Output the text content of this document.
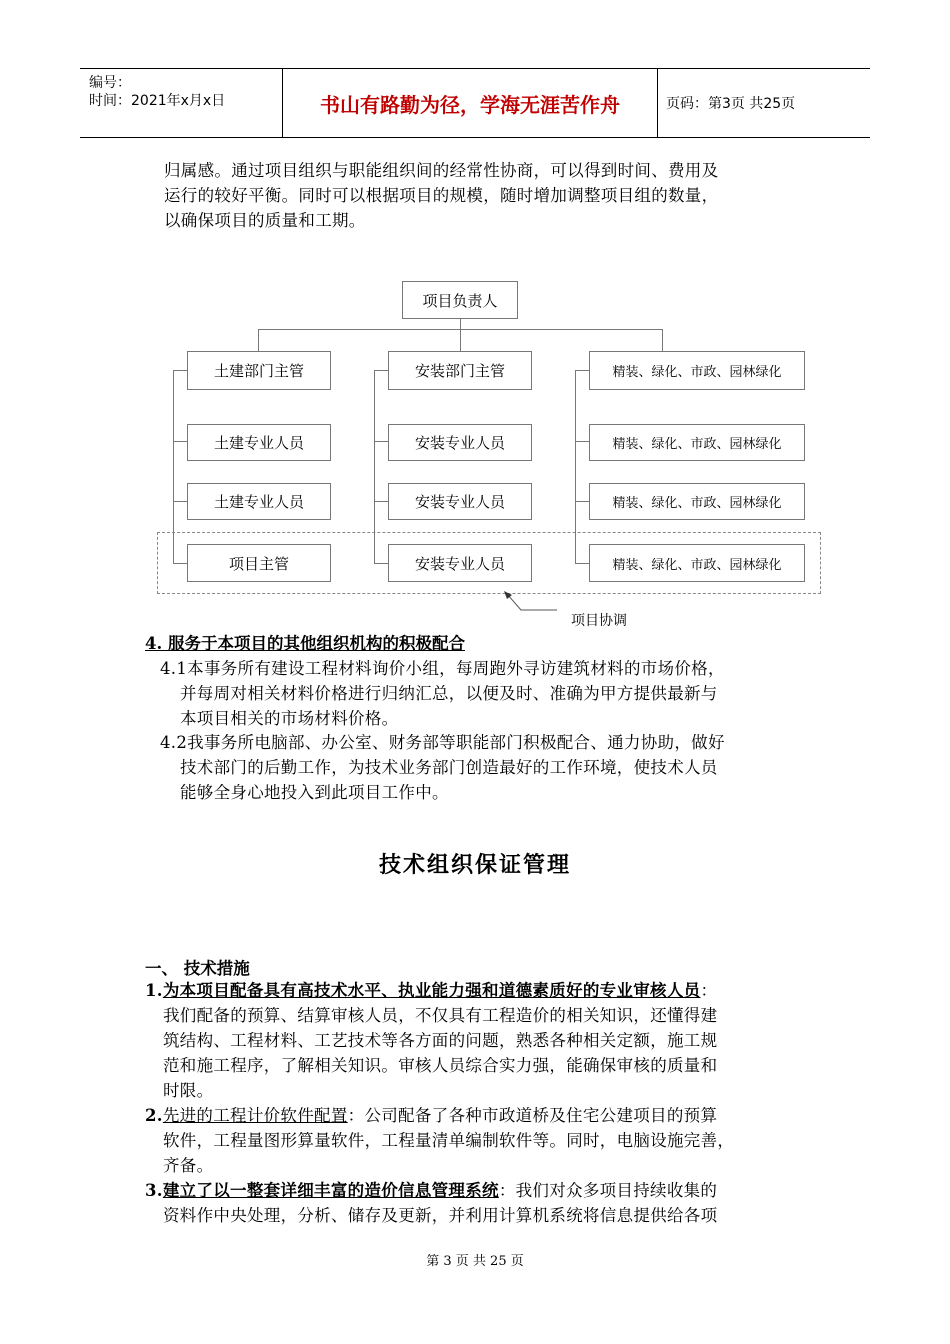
编号：
时间：2021年x月x日	书山有路勤为径，学海无涯苦作舟	页码：第3页 共25页
归属感。通过项目组织与职能组织间的经常性协商，可以得到时间、费用及
运行的较好平衡。同时可以根据项目的规模，随时增加调整项目组的数量，
以确保项目的质量和工期。
项目负责人
土建部门主管
土建专业人员
土建专业人员
项目主管
安装部门主管
安装专业人员
安装专业人员
安装专业人员
精装、绿化、市政、园林绿化
精装、绿化、市政、园林绿化
精装、绿化、市政、园林绿化
精装、绿化、市政、园林绿化
项目协调
4. 服务于本项目的其他组织机构的积极配合
4.1本事务所有建设工程材料询价小组，每周跑外寻访建筑材料的市场价格，
并每周对相关材料价格进行归纳汇总，以便及时、准确为甲方提供最新与
本项目相关的市场材料价格。
4.2我事务所电脑部、办公室、财务部等职能部门积极配合、通力协助，做好
技术部门的后勤工作，为技术业务部门创造最好的工作环境，使技术人员
能够全身心地投入到此项目工作中。
技术组织保证管理
一、 技术措施
1.为本项目配备具有高技术水平、执业能力强和道德素质好的专业审核人员：
我们配备的预算、结算审核人员，不仅具有工程造价的相关知识，还懂得建
筑结构、工程材料、工艺技术等各方面的问题，熟悉各种相关定额，施工规
范和施工程序，了解相关知识。审核人员综合实力强，能确保审核的质量和
时限。
2.先进的工程计价软件配置：公司配备了各种市政道桥及住宅公建项目的预算
软件，工程量图形算量软件，工程量清单编制软件等。同时，电脑设施完善，
齐备。
3.建立了以一整套详细丰富的造价信息管理系统：我们对众多项目持续收集的
资料作中央处理，分析、储存及更新，并利用计算机系统将信息提供给各项
第 3 页 共 25 页
